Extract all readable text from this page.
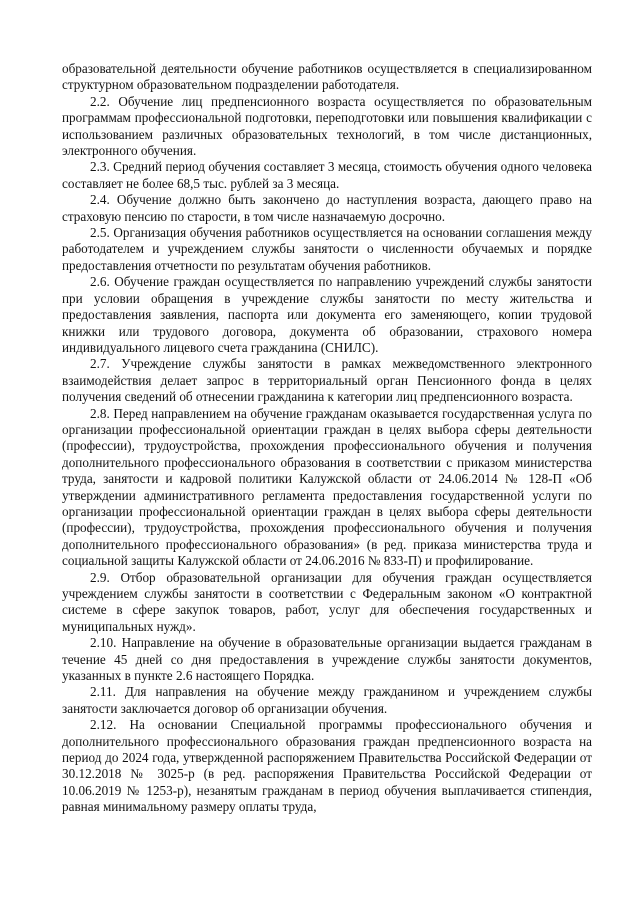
образовательной деятельности обучение работников осуществляется в специализированном структурном образовательном подразделении работодателя.

2.2. Обучение лиц предпенсионного возраста осуществляется по образовательным программам профессиональной подготовки, переподготовки или повышения квалификации с использованием различных образовательных технологий, в том числе дистанционных, электронного обучения.

2.3. Средний период обучения составляет 3 месяца, стоимость обучения одного человека составляет не более 68,5 тыс. рублей за 3 месяца.

2.4. Обучение должно быть закончено до наступления возраста, дающего право на страховую пенсию по старости, в том числе назначаемую досрочно.

2.5. Организация обучения работников осуществляется на основании соглашения между работодателем и учреждением службы занятости о численности обучаемых и порядке предоставления отчетности по результатам обучения работников.

2.6. Обучение граждан осуществляется по направлению учреждений службы занятости при условии обращения в учреждение службы занятости по месту жительства и предоставления заявления, паспорта или документа его заменяющего, копии трудовой книжки или трудового договора, документа об образовании, страхового номера индивидуального лицевого счета гражданина (СНИЛС).

2.7. Учреждение службы занятости в рамках межведомственного электронного взаимодействия делает запрос в территориальный орган Пенсионного фонда в целях получения сведений об отнесении гражданина к категории лиц предпенсионного возраста.

2.8. Перед направлением на обучение гражданам оказывается государственная услуга по организации профессиональной ориентации граждан в целях выбора сферы деятельности (профессии), трудоустройства, прохождения профессионального обучения и получения дополнительного профессионального образования в соответствии с приказом министерства труда, занятости и кадровой политики Калужской области от 24.06.2014 № 128-П «Об утверждении административного регламента предоставления государственной услуги по организации профессиональной ориентации граждан в целях выбора сферы деятельности (профессии), трудоустройства, прохождения профессионального обучения и получения дополнительного профессионального образования» (в ред. приказа министерства труда и социальной защиты Калужской области от 24.06.2016 № 833-П) и профилирование.

2.9. Отбор образовательной организации для обучения граждан осуществляется учреждением службы занятости в соответствии с Федеральным законом «О контрактной системе в сфере закупок товаров, работ, услуг для обеспечения государственных и муниципальных нужд».

2.10. Направление на обучение в образовательные организации выдается гражданам в течение 45 дней со дня предоставления в учреждение службы занятости документов, указанных в пункте 2.6 настоящего Порядка.

2.11. Для направления на обучение между гражданином и учреждением службы занятости заключается договор об организации обучения.

2.12. На основании Специальной программы профессионального обучения и дополнительного профессионального образования граждан предпенсионного возраста на период до 2024 года, утвержденной распоряжением Правительства Российской Федерации от 30.12.2018 № 3025-р (в ред. распоряжения Правительства Российской Федерации от 10.06.2019 № 1253-р), незанятым гражданам в период обучения выплачивается стипендия, равная минимальному размеру оплаты труда,
